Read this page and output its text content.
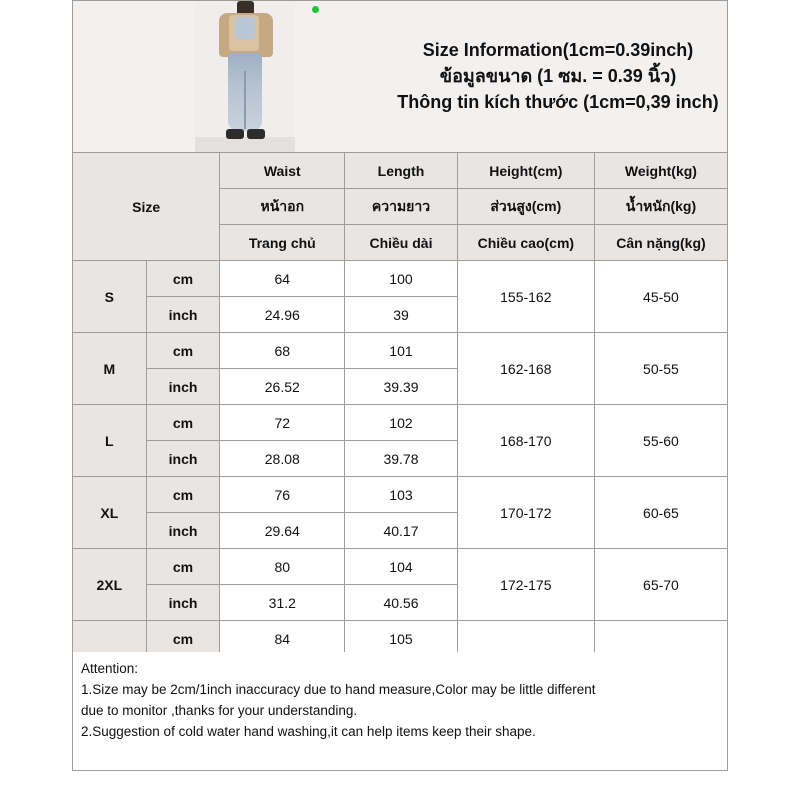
Size Information(1cm=0.39inch)
ข้อมูลขนาด (1 ซม. = 0.39 นิ้ว)
Thông tin kích thước (1cm=0,39 inch)
Size		Waist	Length	Height(cm)	Weight(kg)
		หน้าอก	ความยาว	ส่วนสูง(cm)	น้ำหนัก(kg)
		Trang chủ	Chiều dài	Chiều cao(cm)	Cân nặng(kg)
S	cm	64	100	155-162	45-50
	inch	24.96	39		
M	cm	68	101	162-168	50-55
	inch	26.52	39.39		
L	cm	72	102	168-170	55-60
	inch	28.08	39.78		
XL	cm	76	103	170-172	60-65
	inch	29.64	40.17		
2XL	cm	80	104	172-175	65-70
	inch	31.2	40.56		
	cm	84	105		

Attention:

1.Size may be 2cm/1inch inaccuracy due to hand measure,Color may be little different

due to monitor ,thanks for your understanding.

2.Suggestion of cold water hand washing,it can help items keep their shape.
